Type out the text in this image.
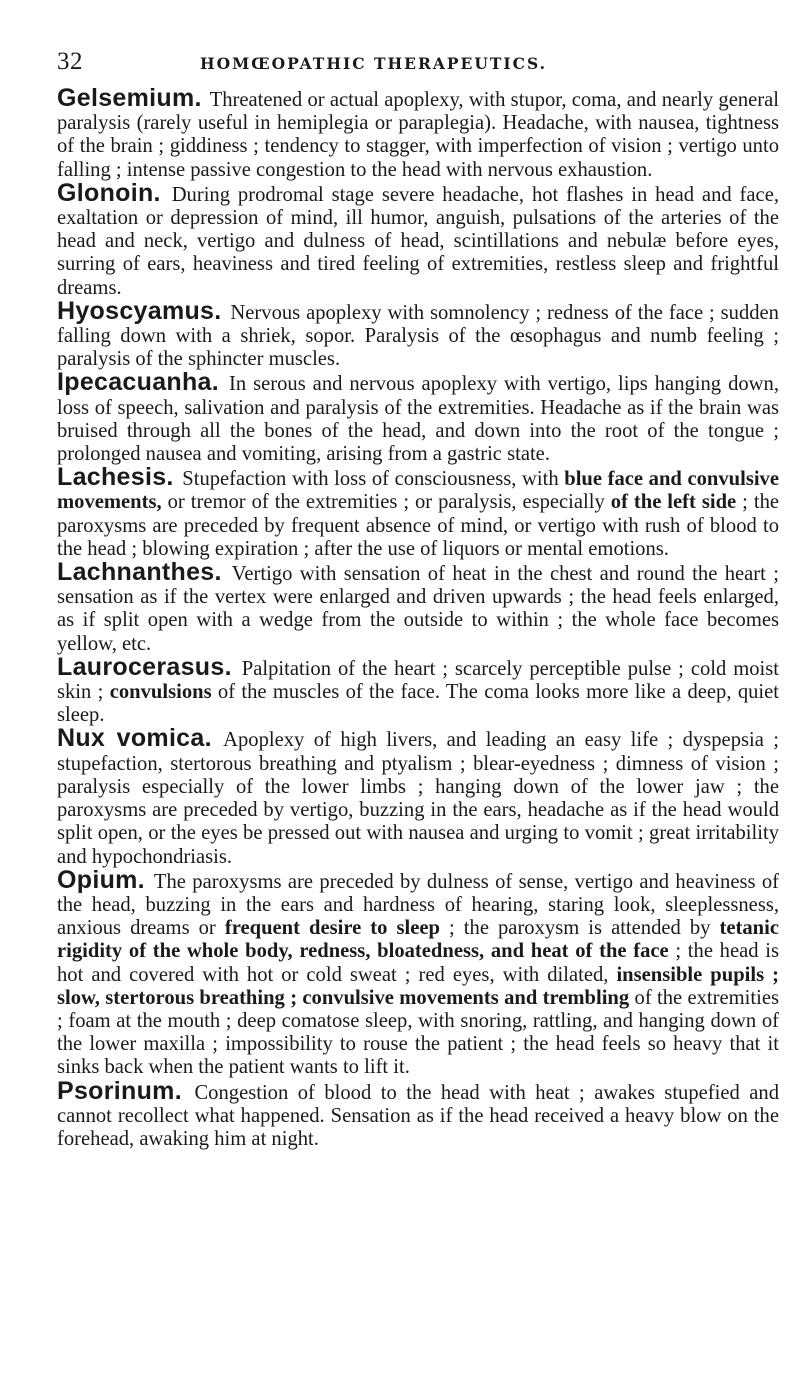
32	HOMŒOPATHIC THERAPEUTICS.

Gelsemium. Threatened or actual apoplexy, with stupor, coma, and nearly general paralysis (rarely useful in hemiplegia or paraplegia). Headache, with nausea, tightness of the brain ; giddiness ; tendency to stagger, with imperfection of vision ; vertigo unto falling ; intense passive congestion to the head with nervous exhaustion.

Glonoin. During prodromal stage severe headache, hot flashes in head and face, exaltation or depression of mind, ill humor, anguish, pulsations of the arteries of the head and neck, vertigo and dulness of head, scintillations and nebulæ before eyes, surring of ears, heaviness and tired feeling of extremities, restless sleep and frightful dreams.

Hyoscyamus. Nervous apoplexy with somnolency ; redness of the face ; sudden falling down with a shriek, sopor. Paralysis of the œsophagus and numb feeling ; paralysis of the sphincter muscles.

Ipecacuanha. In serous and nervous apoplexy with vertigo, lips hanging down, loss of speech, salivation and paralysis of the extremities. Headache as if the brain was bruised through all the bones of the head, and down into the root of the tongue ; prolonged nausea and vomiting, arising from a gastric state.

Lachesis. Stupefaction with loss of consciousness, with blue face and convulsive movements, or tremor of the extremities ; or paralysis, especially of the left side ; the paroxysms are preceded by frequent absence of mind, or vertigo with rush of blood to the head ; blowing expiration ; after the use of liquors or mental emotions.

Lachnanthes. Vertigo with sensation of heat in the chest and round the heart ; sensation as if the vertex were enlarged and driven upwards ; the head feels enlarged, as if split open with a wedge from the outside to within ; the whole face becomes yellow, etc.

Laurocerasus. Palpitation of the heart ; scarcely perceptible pulse ; cold moist skin ; convulsions of the muscles of the face. The coma looks more like a deep, quiet sleep.

Nux vomica. Apoplexy of high livers, and leading an easy life ; dyspepsia ; stupefaction, stertorous breathing and ptyalism ; blear-eyedness ; dimness of vision ; paralysis especially of the lower limbs ; hanging down of the lower jaw ; the paroxysms are preceded by vertigo, buzzing in the ears, headache as if the head would split open, or the eyes be pressed out with nausea and urging to vomit ; great irritability and hypochondriasis.

Opium. The paroxysms are preceded by dulness of sense, vertigo and heaviness of the head, buzzing in the ears and hardness of hearing, staring look, sleeplessness, anxious dreams or frequent desire to sleep ; the paroxysm is attended by tetanic rigidity of the whole body, redness, bloatedness, and heat of the face ; the head is hot and covered with hot or cold sweat ; red eyes, with dilated, insensible pupils ; slow, stertorous breathing ; convulsive movements and trembling of the extremities ; foam at the mouth ; deep comatose sleep, with snoring, rattling, and hanging down of the lower maxilla ; impossibility to rouse the patient ; the head feels so heavy that it sinks back when the patient wants to lift it.

Psorinum. Congestion of blood to the head with heat ; awakes stupefied and cannot recollect what happened. Sensation as if the head received a heavy blow on the forehead, awaking him at night.
